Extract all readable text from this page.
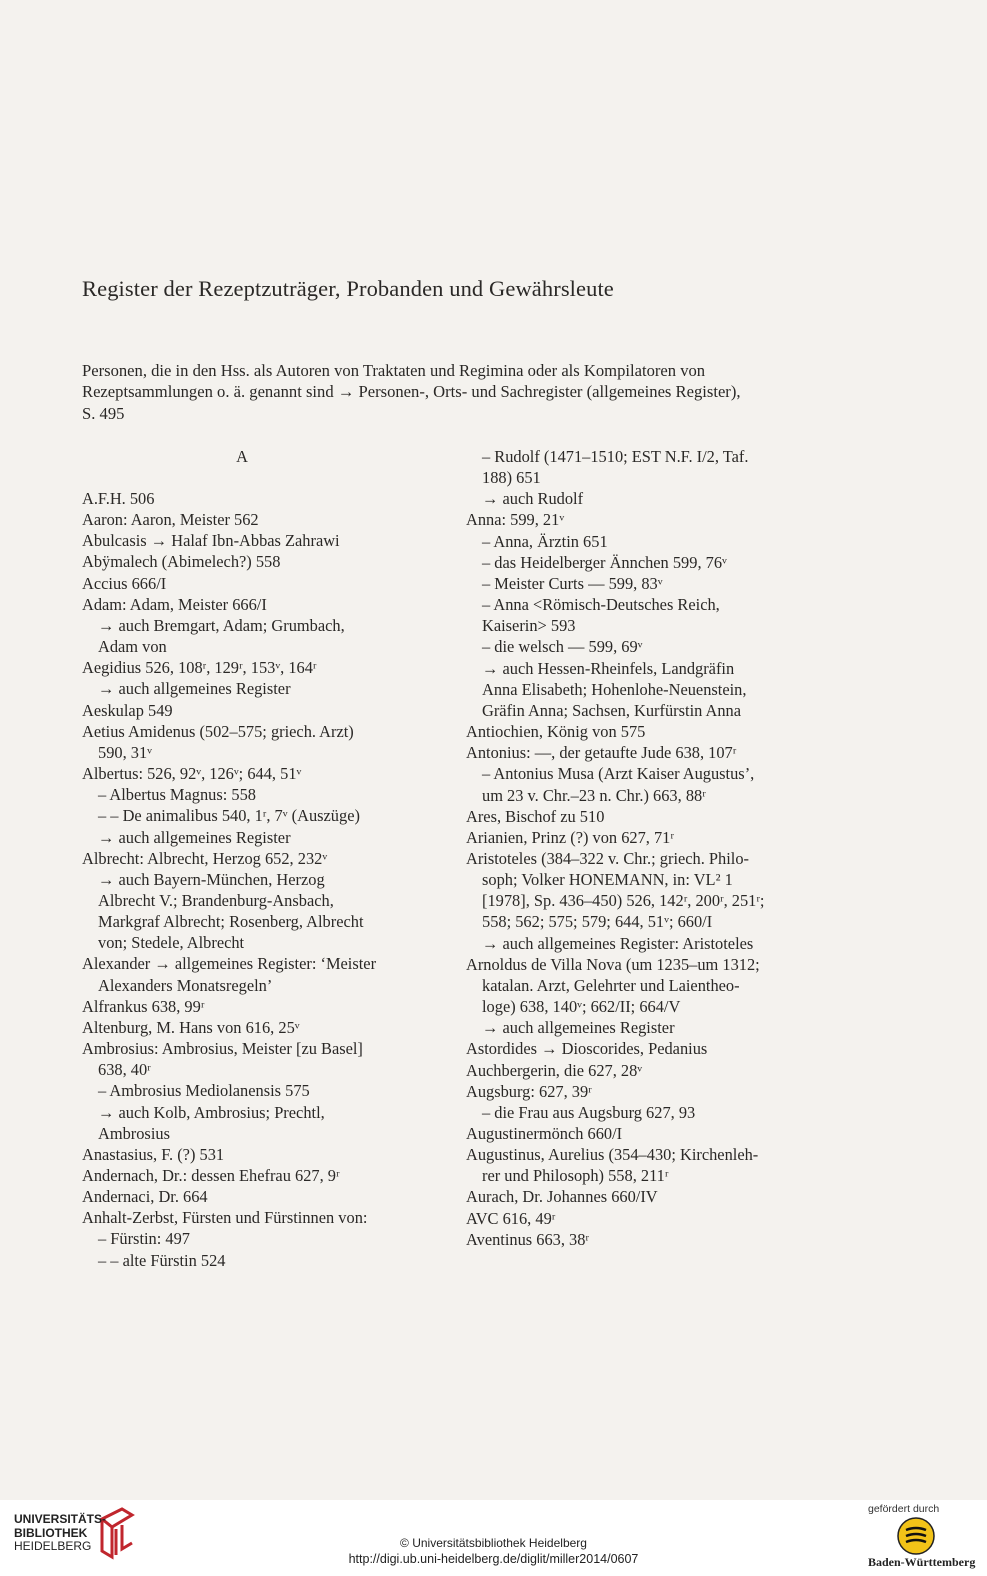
Register der Rezeptzuträger, Probanden und Gewährsleute
Personen, die in den Hss. als Autoren von Traktaten und Regimina oder als Kompilatoren von
Rezeptsammlungen o. ä. genannt sind → Personen-, Orts- und Sachregister (allgemeines Register),
S. 495
A
A.F.H. 506
Aaron: Aaron, Meister 562
Abulcasis → Halaf Ibn-Abbas Zahrawi
Abÿmalech (Abimelech?) 558
Accius 666/I
Adam: Adam, Meister 666/I
→ auch Bremgart, Adam; Grumbach,
Adam von
Aegidius 526, 108ʳ, 129ʳ, 153ᵛ, 164ʳ
→ auch allgemeines Register
Aeskulap 549
Aetius Amidenus (502–575; griech. Arzt)
590, 31ᵛ
Albertus: 526, 92ᵛ, 126ᵛ; 644, 51ᵛ
– Albertus Magnus: 558
– – De animalibus 540, 1ʳ, 7ᵛ (Auszüge)
→ auch allgemeines Register
Albrecht: Albrecht, Herzog 652, 232ᵛ
→ auch Bayern-München, Herzog
Albrecht V.; Brandenburg-Ansbach,
Markgraf Albrecht; Rosenberg, Albrecht
von; Stedele, Albrecht
Alexander → allgemeines Register: ‘Meister
Alexanders Monatsregeln’
Alfrankus 638, 99ʳ
Altenburg, M. Hans von 616, 25ᵛ
Ambrosius: Ambrosius, Meister [zu Basel]
638, 40ʳ
– Ambrosius Mediolanensis 575
→ auch Kolb, Ambrosius; Prechtl,
Ambrosius
Anastasius, F. (?) 531
Andernach, Dr.: dessen Ehefrau 627, 9ʳ
Andernaci, Dr. 664
Anhalt-Zerbst, Fürsten und Fürstinnen von:
– Fürstin: 497
– – alte Fürstin 524
– Rudolf (1471–1510; EST N.F. I/2, Taf.
188) 651
→ auch Rudolf
Anna: 599, 21ᵛ
– Anna, Ärztin 651
– das Heidelberger Ännchen 599, 76ᵛ
– Meister Curts — 599, 83ᵛ
– Anna <Römisch-Deutsches Reich,
Kaiserin> 593
– die welsch — 599, 69ᵛ
→ auch Hessen-Rheinfels, Landgräfin
Anna Elisabeth; Hohenlohe-Neuenstein,
Gräfin Anna; Sachsen, Kurfürstin Anna
Antiochien, König von 575
Antonius: —, der getaufte Jude 638, 107ʳ
– Antonius Musa (Arzt Kaiser Augustus’,
um 23 v. Chr.–23 n. Chr.) 663, 88ʳ
Ares, Bischof zu 510
Arianien, Prinz (?) von 627, 71ʳ
Aristoteles (384–322 v. Chr.; griech. Philo-
soph; Volker HONEMANN, in: VL² 1
[1978], Sp. 436–450) 526, 142ʳ, 200ʳ, 251ʳ;
558; 562; 575; 579; 644, 51ᵛ; 660/I
→ auch allgemeines Register: Aristoteles
Arnoldus de Villa Nova (um 1235–um 1312;
katalan. Arzt, Gelehrter und Laientheo-
loge) 638, 140ᵛ; 662/II; 664/V
→ auch allgemeines Register
Astordides → Dioscorides, Pedanius
Auchbergerin, die 627, 28ᵛ
Augsburg: 627, 39ʳ
– die Frau aus Augsburg 627, 93
Augustinermönch 660/I
Augustinus, Aurelius (354–430; Kirchenleh-
rer und Philosoph) 558, 211ʳ
Aurach, Dr. Johannes 660/IV
AVC 616, 49ʳ
Aventinus 663, 38ʳ
UNIVERSITÄTS-
BIBLIOTHEK
HEIDELBERG	© Universitätsbibliothek Heidelberg
http://digi.ub.uni-heidelberg.de/diglit/miller2014/0607
gefördert durch
Baden-Württemberg
